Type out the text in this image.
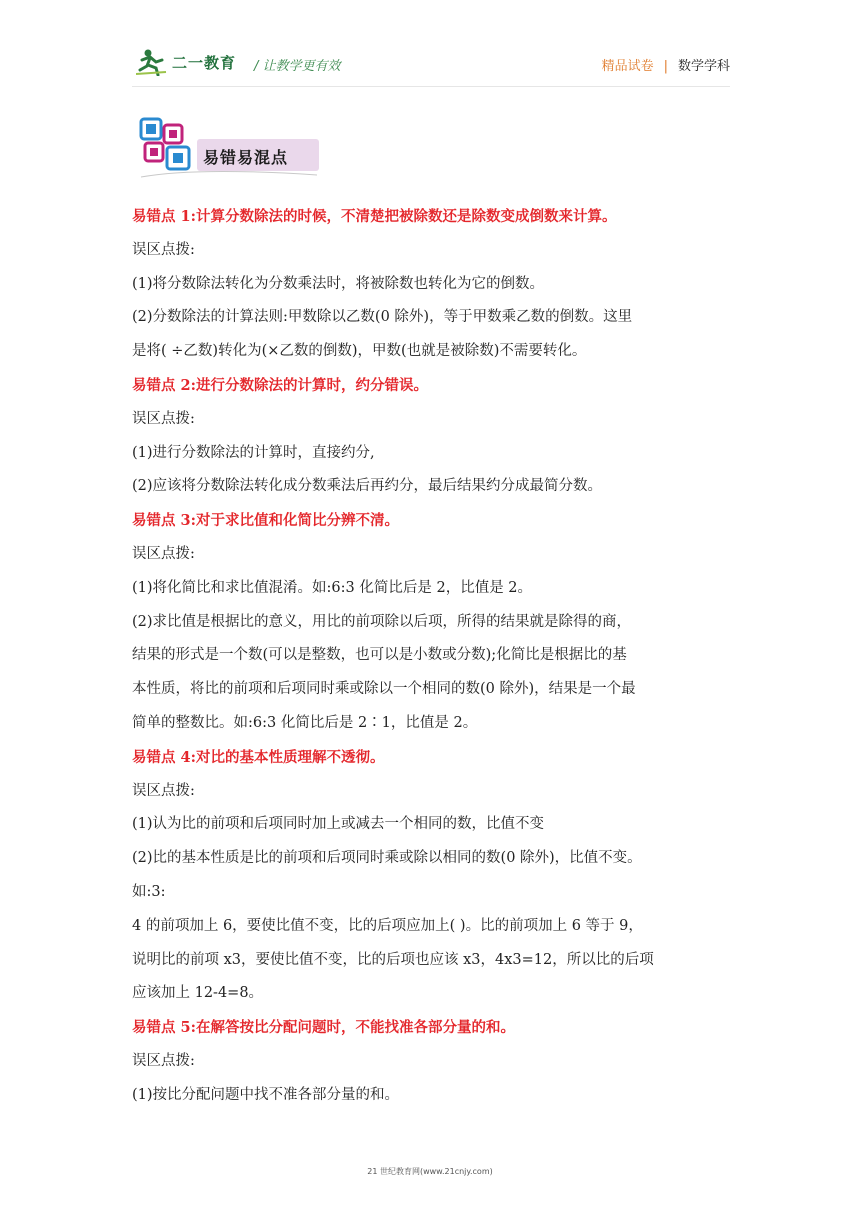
二一教育 / 让教学更有效	精品试卷 | 数学学科
易错易混点
易错点 1:计算分数除法的时候，不清楚把被除数还是除数变成倒数来计算。
误区点拨:
(1)将分数除法转化为分数乘法时，将被除数也转化为它的倒数。
(2)分数除法的计算法则:甲数除以乙数(0 除外)，等于甲数乘乙数的倒数。这里
是将( ÷乙数)转化为(×乙数的倒数)，甲数(也就是被除数)不需要转化。
易错点 2:进行分数除法的计算时，约分错误。
误区点拨:
(1)进行分数除法的计算时，直接约分,
(2)应该将分数除法转化成分数乘法后再约分，最后结果约分成最简分数。
易错点 3:对于求比值和化简比分辨不清。
误区点拨:
(1)将化简比和求比值混淆。如:6:3 化简比后是 2，比值是 2。
(2)求比值是根据比的意义，用比的前项除以后项，所得的结果就是除得的商，
结果的形式是一个数(可以是整数，也可以是小数或分数);化简比是根据比的基
本性质，将比的前项和后项同时乘或除以一个相同的数(0 除外)，结果是一个最
简单的整数比。如:6:3 化简比后是 2∶1，比值是 2。
易错点 4:对比的基本性质理解不透彻。
误区点拨:
(1)认为比的前项和后项同时加上或减去一个相同的数，比值不变
(2)比的基本性质是比的前项和后项同时乘或除以相同的数(0 除外)，比值不变。
如:3:
4 的前项加上 6，要使比值不变，比的后项应加上( )。比的前项加上 6 等于 9，
说明比的前项 x3，要使比值不变，比的后项也应该 x3，4x3=12，所以比的后项
应该加上 12-4=8。
易错点 5:在解答按比分配问题时，不能找准各部分量的和。
误区点拨:
(1)按比分配问题中找不准各部分量的和。
21 世纪教育网(www.21cnjy.com)
